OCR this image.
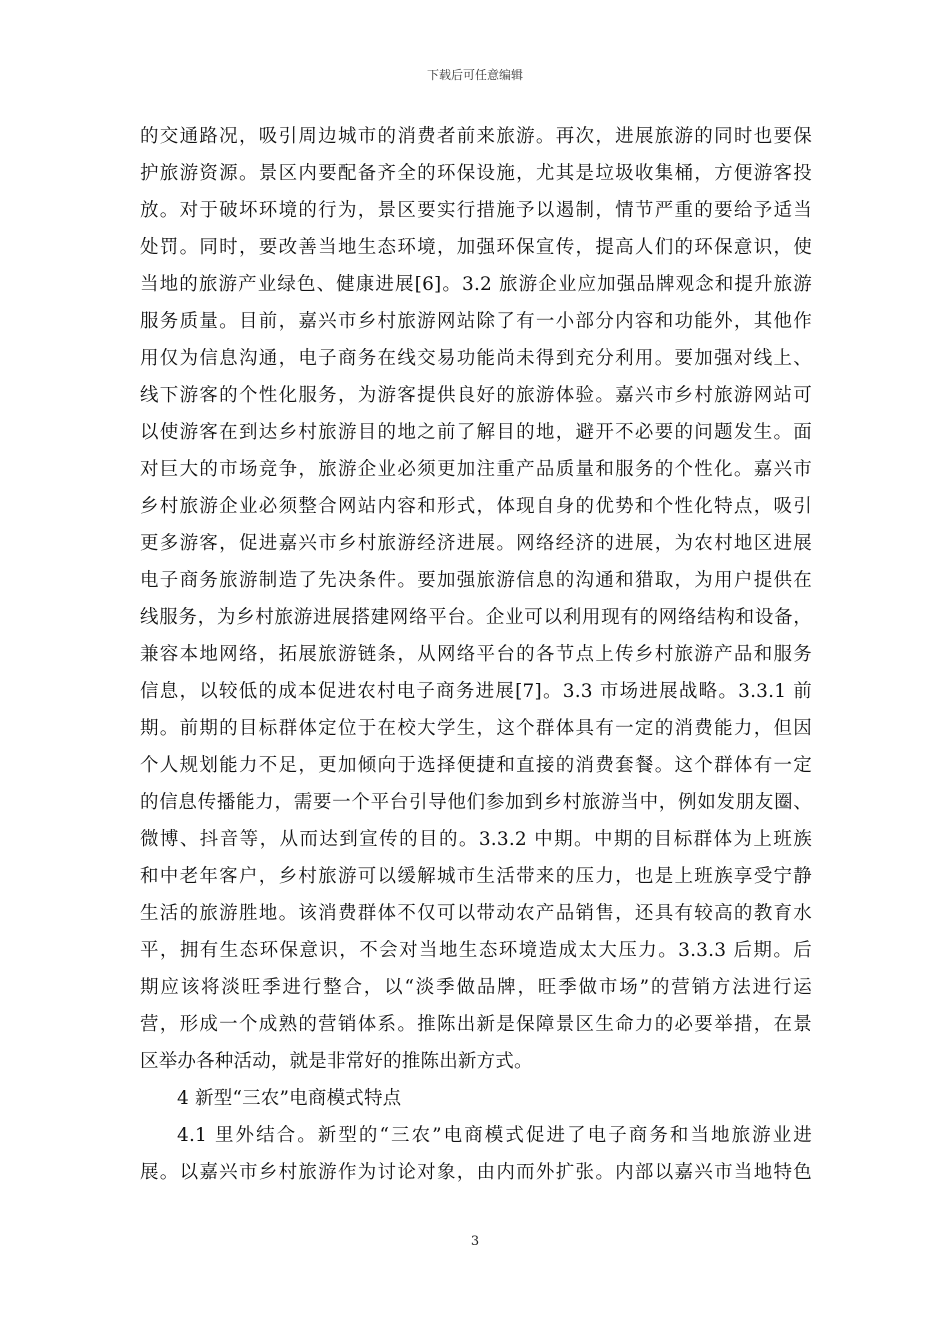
下载后可任意编辑
的交通路况，吸引周边城市的消费者前来旅游。再次，进展旅游的同时也要保
护旅游资源。景区内要配备齐全的环保设施，尤其是垃圾收集桶，方便游客投
放。对于破坏环境的行为，景区要实行措施予以遏制，情节严重的要给予适当
处罚。同时，要改善当地生态环境，加强环保宣传，提高人们的环保意识，使
当地的旅游产业绿色、健康进展[6]。3.2 旅游企业应加强品牌观念和提升旅游
服务质量。目前，嘉兴市乡村旅游网站除了有一小部分内容和功能外，其他作
用仅为信息沟通，电子商务在线交易功能尚未得到充分利用。要加强对线上、
线下游客的个性化服务，为游客提供良好的旅游体验。嘉兴市乡村旅游网站可
以使游客在到达乡村旅游目的地之前了解目的地，避开不必要的问题发生。面
对巨大的市场竞争，旅游企业必须更加注重产品质量和服务的个性化。嘉兴市
乡村旅游企业必须整合网站内容和形式，体现自身的优势和个性化特点，吸引
更多游客，促进嘉兴市乡村旅游经济进展。网络经济的进展，为农村地区进展
电子商务旅游制造了先决条件。要加强旅游信息的沟通和猎取，为用户提供在
线服务，为乡村旅游进展搭建网络平台。企业可以利用现有的网络结构和设备，
兼容本地网络，拓展旅游链条，从网络平台的各节点上传乡村旅游产品和服务
信息，以较低的成本促进农村电子商务进展[7]。3.3 市场进展战略。3.3.1 前
期。前期的目标群体定位于在校大学生，这个群体具有一定的消费能力，但因
个人规划能力不足，更加倾向于选择便捷和直接的消费套餐。这个群体有一定
的信息传播能力，需要一个平台引导他们参加到乡村旅游当中，例如发朋友圈、
微博、抖音等，从而达到宣传的目的。3.3.2 中期。中期的目标群体为上班族
和中老年客户，乡村旅游可以缓解城市生活带来的压力，也是上班族享受宁静
生活的旅游胜地。该消费群体不仅可以带动农产品销售，还具有较高的教育水
平，拥有生态环保意识，不会对当地生态环境造成太大压力。3.3.3 后期。后
期应该将淡旺季进行整合，以“淡季做品牌，旺季做市场”的营销方法进行运
营，形成一个成熟的营销体系。推陈出新是保障景区生命力的必要举措，在景
区举办各种活动，就是非常好的推陈出新方式。
4 新型“三农”电商模式特点
4.1 里外结合。新型的“三农”电商模式促进了电子商务和当地旅游业进
展。以嘉兴市乡村旅游作为讨论对象，由内而外扩张。内部以嘉兴市当地特色
3
